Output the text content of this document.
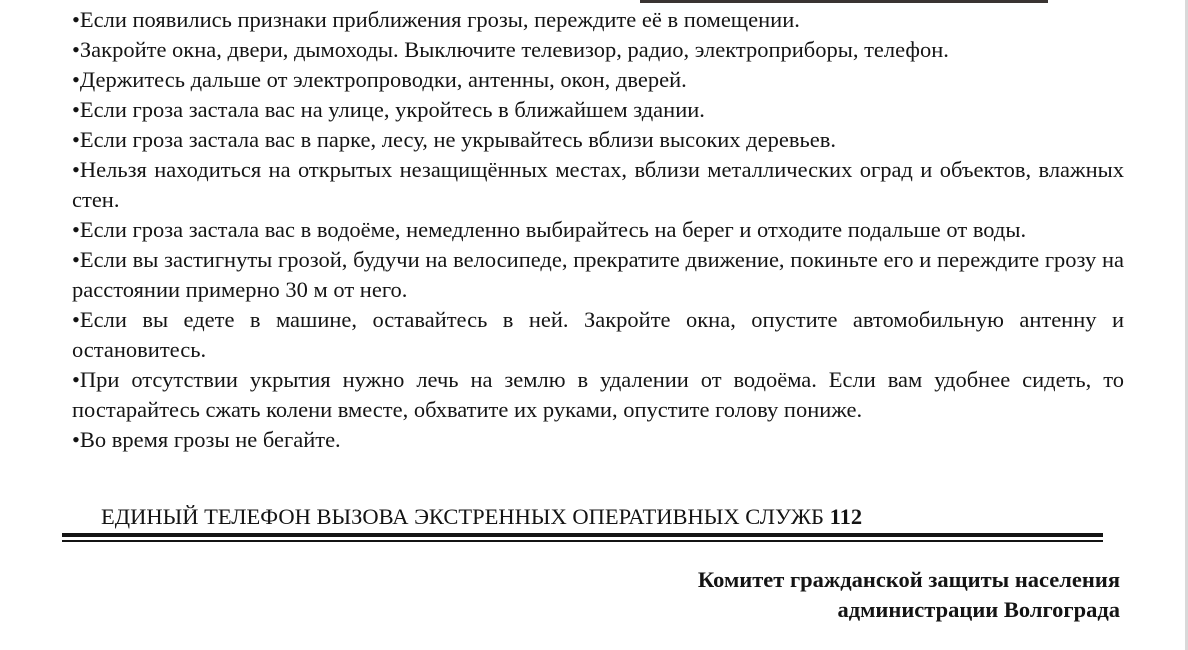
•Если появились признаки приближения грозы, переждите её в помещении.
•Закройте окна, двери, дымоходы. Выключите телевизор, радио, электроприборы, телефон.
•Держитесь дальше от электропроводки, антенны, окон, дверей.
•Если гроза застала вас на улице, укройтесь в ближайшем здании.
•Если гроза застала вас в парке, лесу, не укрывайтесь вблизи высоких деревьев.
•Нельзя находиться на открытых незащищённых местах, вблизи металлических оград и объектов, влажных стен.
•Если гроза застала вас в водоёме, немедленно выбирайтесь на берег и отходите подальше от воды.
•Если вы застигнуты грозой, будучи на велосипеде, прекратите движение, покиньте его и переждите грозу на расстоянии примерно 30 м от него.
•Если вы едете в машине, оставайтесь в ней. Закройте окна, опустите автомобильную антенну и остановитесь.
•При отсутствии укрытия нужно лечь на землю в удалении от водоёма. Если вам удобнее сидеть, то постарайтесь сжать колени вместе, обхватите их руками, опустите голову пониже.
•Во время грозы не бегайте.
ЕДИНЫЙ ТЕЛЕФОН ВЫЗОВА ЭКСТРЕННЫХ ОПЕРАТИВНЫХ СЛУЖБ 112
Комитет гражданской защиты населения
администрации Волгограда
